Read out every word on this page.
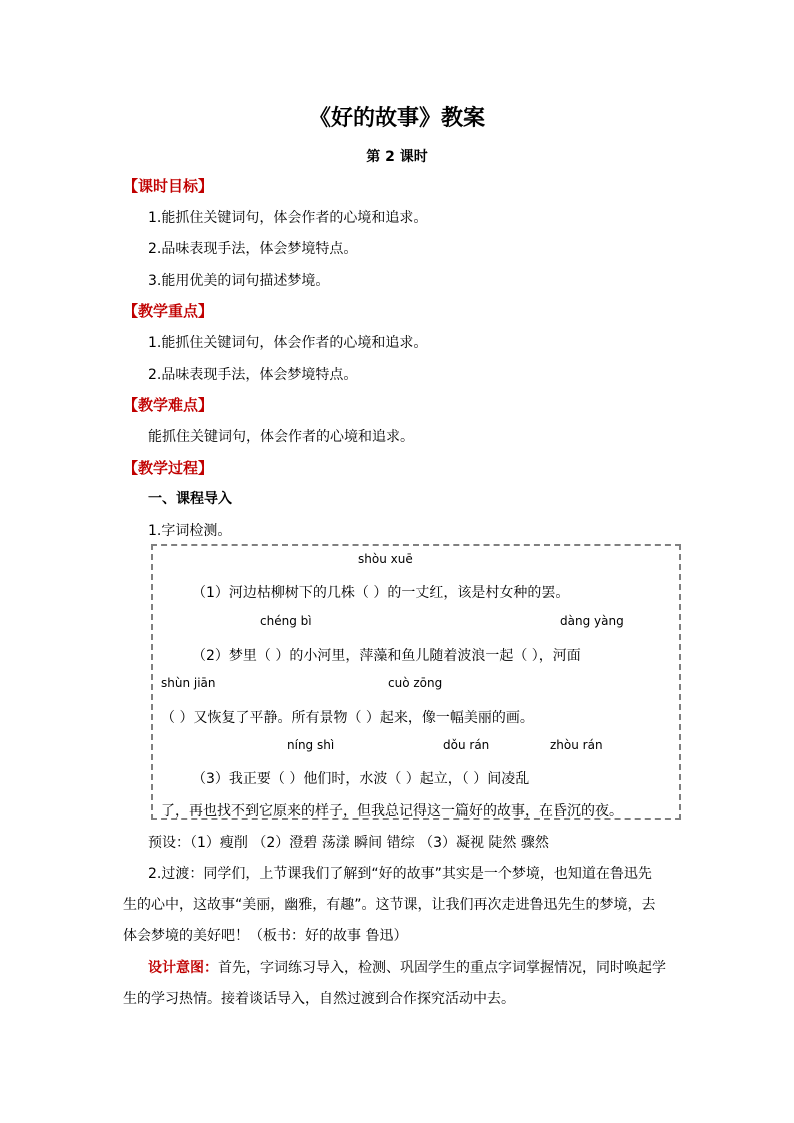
《好的故事》教案
第 2 课时
【课时目标】
1.能抓住关键词句，体会作者的心境和追求。
2.品味表现手法，体会梦境特点。
3.能用优美的词句描述梦境。
【教学重点】
1.能抓住关键词句，体会作者的心境和追求。
2.品味表现手法，体会梦境特点。
【教学难点】
能抓住关键词句，体会作者的心境和追求。
【教学过程】
一、课程导入
1.字词检测。
shòu xuē
（1）河边枯柳树下的几株（ ）的一丈红，该是村女种的罢。
chéng bì	dàng yàng
（2）梦里（ ）的小河里，萍藻和鱼儿随着波浪一起（ ），河面
shùn jiān	cuò zōng
（ ）又恢复了平静。所有景物（ ）起来，像一幅美丽的画。
níng shì	dǒu rán	zhòu rán
（3）我正要（ ）他们时，水波（ ）起立，（ ）间凌乱
了，再也找不到它原来的样子，但我总记得这一篇好的故事，在昏沉的夜。
预设：（1）瘦削 （2）澄碧 荡漾 瞬间 错综 （3）凝视 陡然 骤然
2.过渡：同学们，上节课我们了解到“好的故事”其实是一个梦境，也知道在鲁迅先
生的心中，这故事“美丽，幽雅，有趣”。这节课，让我们再次走进鲁迅先生的梦境，去
体会梦境的美好吧！（板书：好的故事 鲁迅）
设计意图：首先，字词练习导入，检测、巩固学生的重点字词掌握情况，同时唤起学
生的学习热情。接着谈话导入，自然过渡到合作探究活动中去。
